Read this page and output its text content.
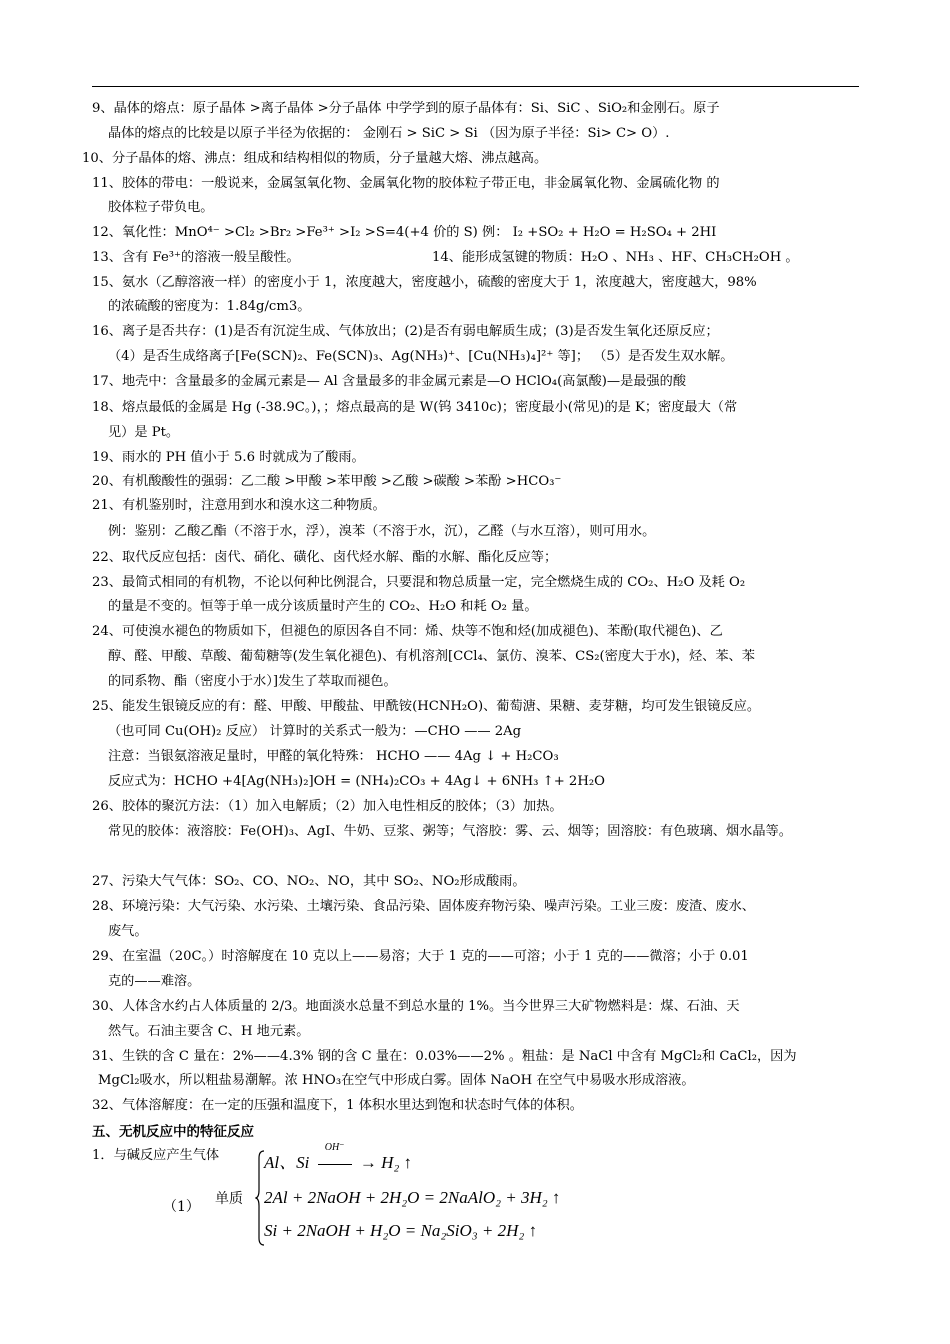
9、晶体的熔点：原子晶体 >离子晶体 >分子晶体 中学学到的原子晶体有：Si、SiC 、SiO₂和金刚石。原子
晶体的熔点的比较是以原子半径为依据的： 金刚石 > SiC > Si （因为原子半径：Si> C> O）.
10、分子晶体的熔、沸点：组成和结构相似的物质，分子量越大熔、沸点越高。
11、胶体的带电：一般说来，金属氢氧化物、金属氧化物的胶体粒子带正电，非金属氧化物、金属硫化物 的
胶体粒子带负电。
12、氧化性：MnO⁴⁻ >Cl₂ >Br₂ >Fe³⁺ >I₂ >S=4(+4 价的 S) 例： I₂ +SO₂ + H₂O = H₂SO₄ + 2HI
13、含有 Fe³⁺的溶液一般呈酸性。	14、能形成氢键的物质：H₂O 、NH₃ 、HF、CH₃CH₂OH 。
15、氨水（乙醇溶液一样）的密度小于 1，浓度越大，密度越小，硫酸的密度大于 1，浓度越大，密度越大，98%
的浓硫酸的密度为：1.84g/cm3。
16、离子是否共存：(1)是否有沉淀生成、气体放出；(2)是否有弱电解质生成；(3)是否发生氧化还原反应；
（4）是否生成络离子[Fe(SCN)₂、Fe(SCN)₃、Ag(NH₃)⁺、[Cu(NH₃)₄]²⁺ 等]； （5）是否发生双水解。
17、地壳中：含量最多的金属元素是— Al 含量最多的非金属元素是—O HClO₄(高氯酸)—是最强的酸
18、熔点最低的金属是 Hg (-38.9C。)，；熔点最高的是 W(钨 3410c)；密度最小(常见)的是 K；密度最大（常
见）是 Pt。
19、雨水的 PH 值小于 5.6 时就成为了酸雨。
20、有机酸酸性的强弱：乙二酸 >甲酸 >苯甲酸 >乙酸 >碳酸 >苯酚 >HCO₃⁻
21、有机鉴别时，注意用到水和溴水这二种物质。
例：鉴别：乙酸乙酯（不溶于水，浮），溴苯（不溶于水，沉），乙醛（与水互溶），则可用水。
22、取代反应包括：卤代、硝化、磺化、卤代烃水解、酯的水解、酯化反应等；
23、最简式相同的有机物，不论以何种比例混合，只要混和物总质量一定，完全燃烧生成的 CO₂、H₂O 及耗 O₂
的量是不变的。恒等于单一成分该质量时产生的 CO₂、H₂O 和耗 O₂ 量。
24、可使溴水褪色的物质如下，但褪色的原因各自不同：烯、炔等不饱和烃(加成褪色)、苯酚(取代褪色)、乙
醇、醛、甲酸、草酸、葡萄糖等(发生氧化褪色)、有机溶剂[CCl₄、氯仿、溴苯、CS₂(密度大于水)，烃、苯、苯
的同系物、酯（密度小于水）]发生了萃取而褪色。
25、能发生银镜反应的有：醛、甲酸、甲酸盐、甲酰铵(HCNH₂O)、葡萄溏、果糖、麦芽糖，均可发生银镜反应。
（也可同 Cu(OH)₂ 反应） 计算时的关系式一般为：—CHO —— 2Ag
注意：当银氨溶液足量时，甲醛的氧化特殊： HCHO —— 4Ag ↓ + H₂CO₃
反应式为：HCHO +4[Ag(NH₃)₂]OH = (NH₄)₂CO₃ + 4Ag↓ + 6NH₃ ↑+ 2H₂O
26、胶体的聚沉方法：（1）加入电解质；（2）加入电性相反的胶体；（3）加热。
常见的胶体：液溶胶：Fe(OH)₃、AgI、牛奶、豆浆、粥等；气溶胶：雾、云、烟等；固溶胶：有色玻璃、烟水晶等。
27、污染大气气体：SO₂、CO、NO₂、NO，其中 SO₂、NO₂形成酸雨。
28、环境污染：大气污染、水污染、土壤污染、食品污染、固体废弃物污染、噪声污染。工业三废：废渣、废水、
废气。
29、在室温（20C。）时溶解度在 10 克以上——易溶；大于 1 克的——可溶；小于 1 克的——微溶；小于 0.01
克的——难溶。
30、人体含水约占人体质量的 2/3。地面淡水总量不到总水量的 1%。当今世界三大矿物燃料是：煤、石油、天
然气。石油主要含 C、H 地元素。
31、生铁的含 C 量在：2%——4.3% 钢的含 C 量在：0.03%——2% 。粗盐：是 NaCl 中含有 MgCl₂和 CaCl₂，因为
MgCl₂吸水，所以粗盐易潮解。浓 HNO₃在空气中形成白雾。固体 NaOH 在空气中易吸水形成溶液。
32、气体溶解度：在一定的压强和温度下，1 体积水里达到饱和状态时气体的体积。
五、无机反应中的特征反应
1．与碱反应产生气体
（1） 单质
Al、Si
OH⁻
→ H₂ ↑
2Al + 2NaOH + 2H₂O = 2NaAlO₂ + 3H₂ ↑
Si + 2NaOH + H₂O = Na₂SiO₃ + 2H₂ ↑
